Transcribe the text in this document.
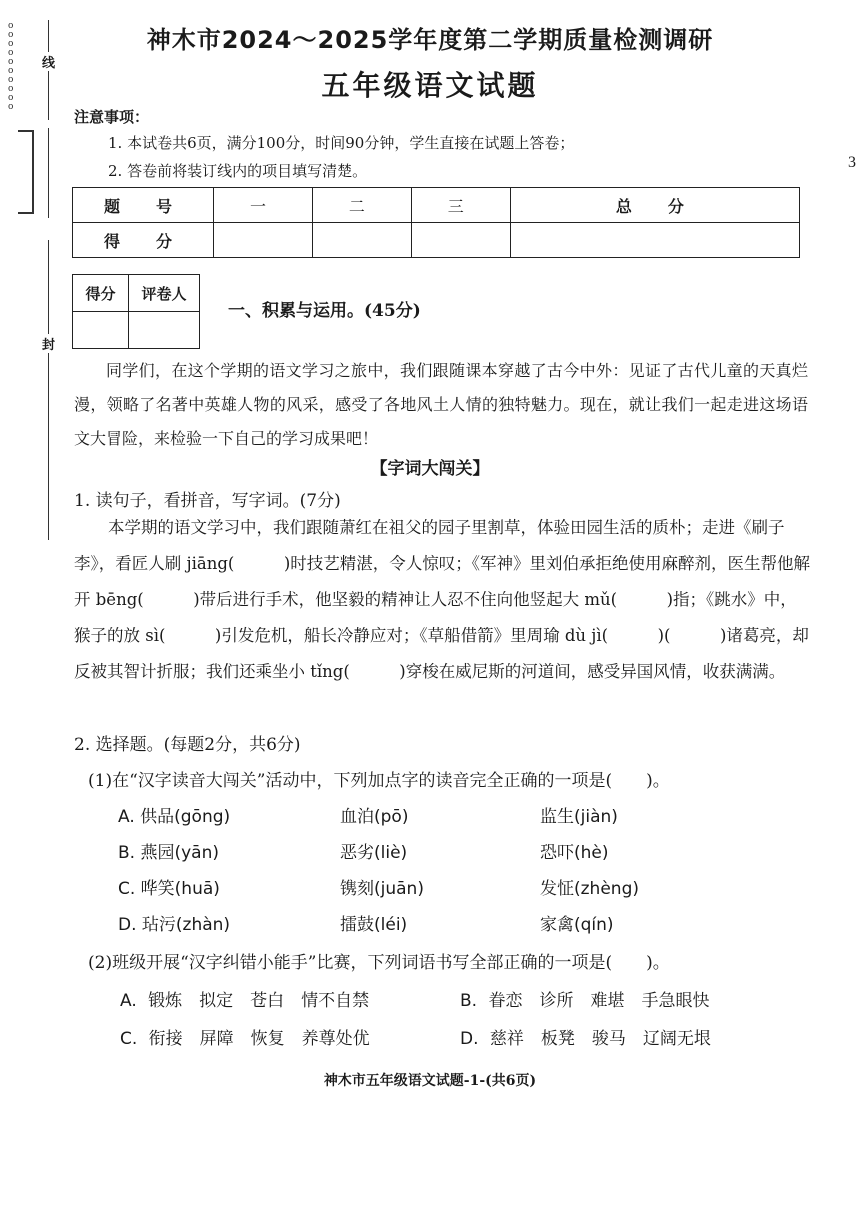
oooooooooo
线
封
3
神木市2024～2025学年度第二学期质量检测调研
五年级语文试题
注意事项：
1. 本试卷共6页，满分100分，时间90分钟，学生直接在试题上答卷；
2. 答卷前将装订线内的项目填写清楚。
题　号	一	二	三	总　分
得　分				
得分	评卷人

一、积累与运用。(45分)
同学们，在这个学期的语文学习之旅中，我们跟随课本穿越了古今中外：见证了古代儿童的天真烂漫，领略了名著中英雄人物的风采，感受了各地风土人情的独特魅力。现在，就让我们一起走进这场语文大冒险，来检验一下自己的学习成果吧！
【字词大闯关】
1. 读句子，看拼音，写字词。(7分)
本学期的语文学习中，我们跟随萧红在祖父的园子里割草，体验田园生活的质朴；走进《刷子李》，看匠人刷 jiāng(　　　)时技艺精湛，令人惊叹；《军神》里刘伯承拒绝使用麻醉剂，医生帮他解开 bēng(　　　)带后进行手术，他坚毅的精神让人忍不住向他竖起大 mǔ(　　　)指；《跳水》中，猴子的放 sì(　　　)引发危机，船长冷静应对；《草船借箭》里周瑜 dù jì(　　　)(　　　)诸葛亮，却反被其智计折服；我们还乘坐小 tǐng(　　　)穿梭在威尼斯的河道间，感受异国风情，收获满满。
2. 选择题。(每题2分，共6分)
(1)在“汉字读音大闯关”活动中，下列加点字的读音完全正确的一项是(　　)。
A. 供品(gōng)	血泊(pō)	监生(jiàn)
B. 燕园(yān)	恶劣(liè)	恐吓(hè)
C. 哗笑(huā)	镌刻(juān)	发怔(zhèng)
D. 玷污(zhàn)	擂鼓(léi)	家禽(qín)
(2)班级开展“汉字纠错小能手”比赛，下列词语书写全部正确的一项是(　　)。
A. 锻炼　拟定　苍白　情不自禁	B. 眷恋　诊所　难堪　手急眼快
C. 衔接　屏障　恢复　养尊处优	D. 慈祥　板凳　骏马　辽阔无垠
神木市五年级语文试题-1-(共6页)
